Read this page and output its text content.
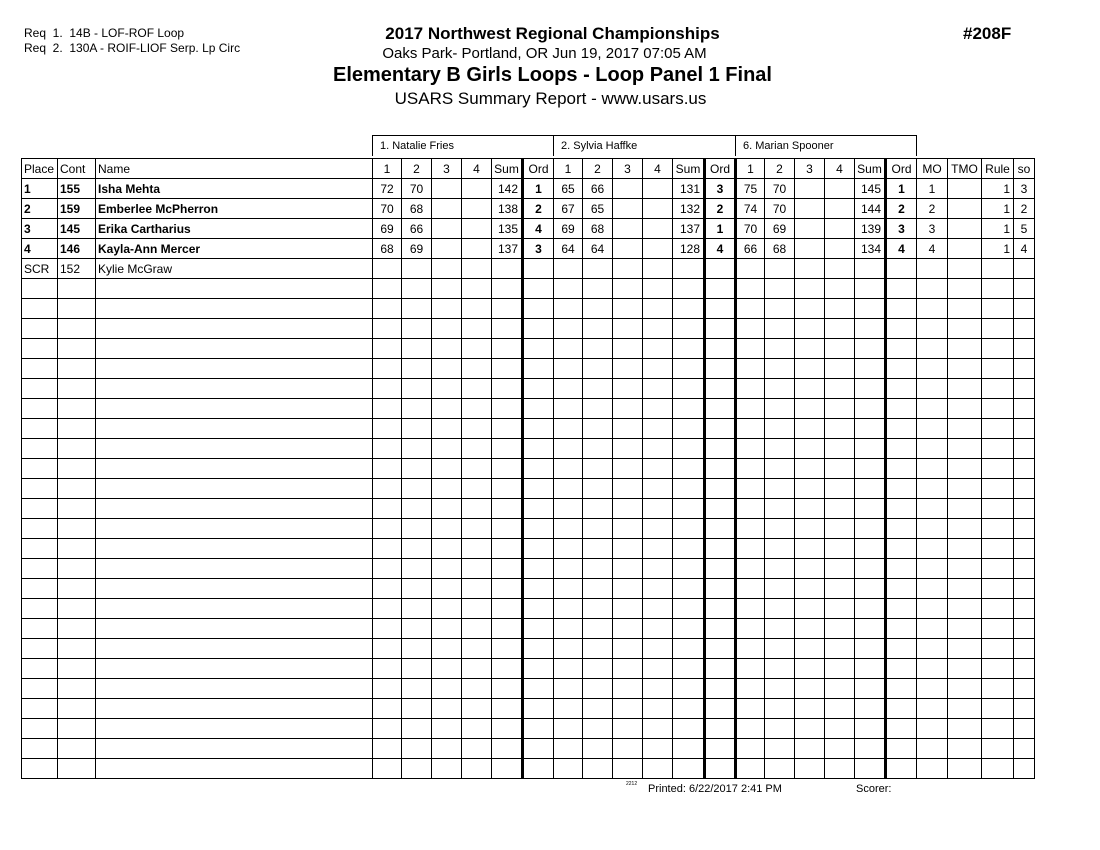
Req  1.  14B - LOF-ROF Loop
Req  2.  130A - ROIF-LIOF Serp. Lp Circ
2017 Northwest Regional Championships
Oaks Park- Portland, OR Jun 19, 2017 07:05 AM
Elementary B Girls Loops - Loop Panel 1 Final
USARS Summary Report - www.usars.us
#208F
1. Natalie Fries	2. Sylvia Haffke	6. Marian Spooner
Place	Cont	Name	1	2	3	4	Sum	Ord	1	2	3	4	Sum	Ord	1	2	3	4	Sum	Ord	MO	TMO	Rule	so
1	155	Isha Mehta	72	70			142	1	65	66			131	3	75	70			145	1	1		1	3
2	159	Emberlee McPherron	70	68			138	2	67	65			132	2	74	70			144	2	2		1	2
3	145	Erika Cartharius	69	66			135	4	69	68			137	1	70	69			139	3	3		1	5
4	146	Kayla-Ann Mercer	68	69			137	3	64	64			128	4	66	68			134	4	4		1	4
SCR	152	Kylie McGraw																						

2212 Printed: 6/22/2017 2:41 PM	Scorer:
